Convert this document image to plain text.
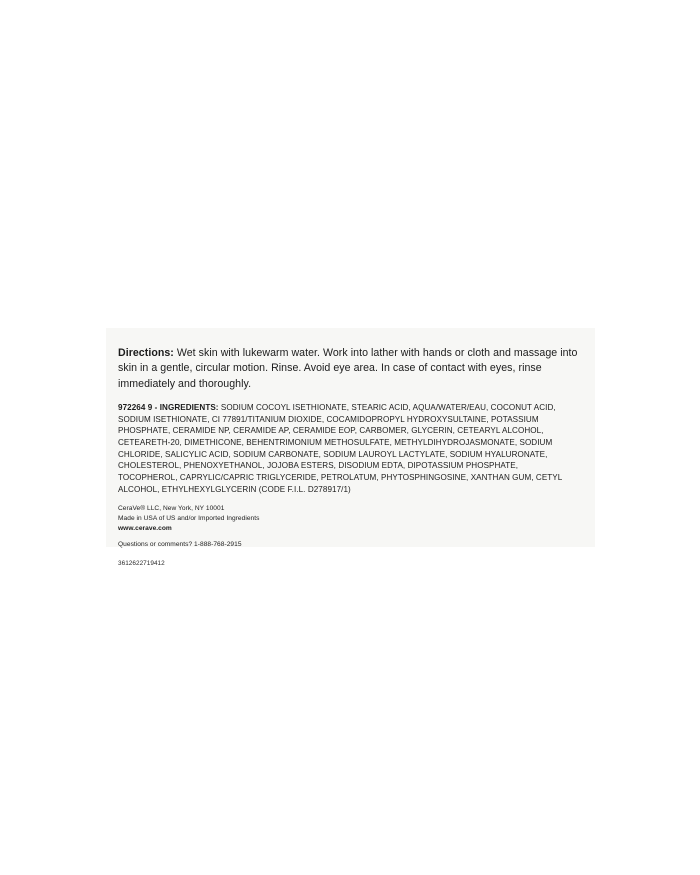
Directions: Wet skin with lukewarm water. Work into lather with hands or cloth and massage into skin in a gentle, circular motion. Rinse. Avoid eye area. In case of contact with eyes, rinse immediately and thoroughly.

972264 9 - INGREDIENTS: SODIUM COCOYL ISETHIONATE, STEARIC ACID, AQUA/WATER/EAU, COCONUT ACID, SODIUM ISETHIONATE, CI 77891/TITANIUM DIOXIDE, COCAMIDOPROPYL HYDROXYSULTAINE, POTASSIUM PHOSPHATE, CERAMIDE NP, CERAMIDE AP, CERAMIDE EOP, CARBOMER, GLYCERIN, CETEARYL ALCOHOL, CETEARETH-20, DIMETHICONE, BEHENTRIMONIUM METHOSULFATE, METHYLDIHYDROJASMONATE, SODIUM CHLORIDE, SALICYLIC ACID, SODIUM CARBONATE, SODIUM LAUROYL LACTYLATE, SODIUM HYALURONATE, CHOLESTEROL, PHENOXYETHANOL, JOJOBA ESTERS, DISODIUM EDTA, DIPOTASSIUM PHOSPHATE, TOCOPHEROL, CAPRYLIC/CAPRIC TRIGLYCERIDE, PETROLATUM, PHYTOSPHINGOSINE, XANTHAN GUM, CETYL ALCOHOL, ETHYLHEXYLGLYCERIN (CODE F.I.L. D278917/1)

CeraVe® LLC, New York, NY 10001
Made in USA of US and/or Imported Ingredients
www.cerave.com
Questions or comments? 1-888-768-2915
3612622719412
